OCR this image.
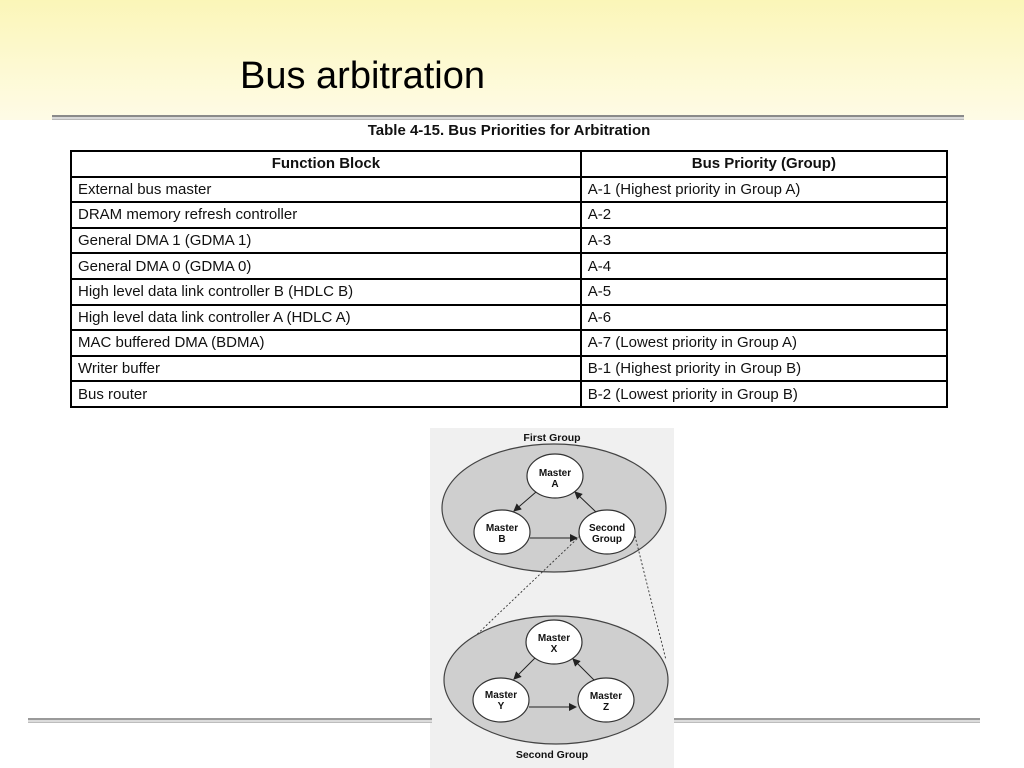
Bus arbitration
Table 4-15. Bus Priorities for Arbitration
Function Block	Bus Priority (Group)
External bus master	A-1 (Highest priority in Group A)
DRAM memory refresh controller	A-2
General DMA 1 (GDMA 1)	A-3
General DMA 0 (GDMA 0)	A-4
High level data link controller B (HDLC B)	A-5
High level data link controller A (HDLC A)	A-6
MAC buffered DMA (BDMA)	A-7 (Lowest priority in Group A)
Writer buffer	B-1 (Highest priority in Group B)
Bus router	B-2 (Lowest priority in Group B)
First Group
Master
A
Master
B
Second
Group
Master
X
Master
Y
Master
Z
Second Group
